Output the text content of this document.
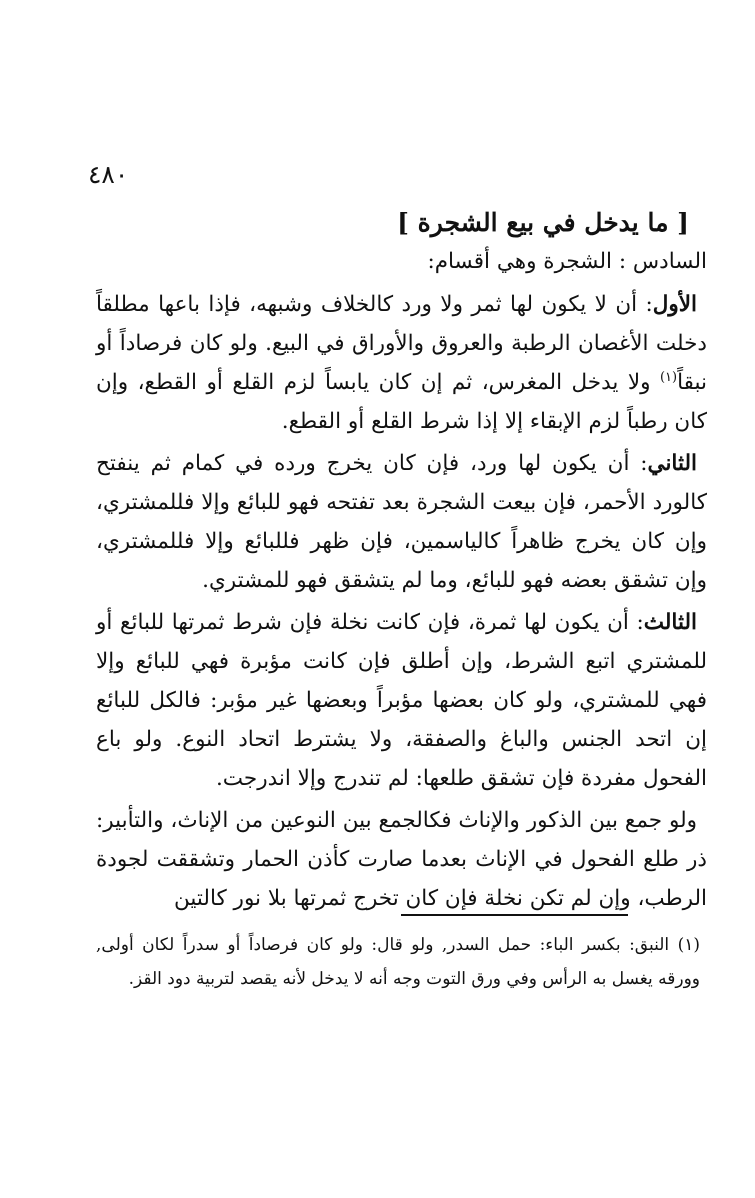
٤٨٠
[ ما يدخل في بيع الشجرة ]

السادس : الشجرة وهي أقسام:

الأول: أن لا يكون لها ثمر ولا ورد كالخلاف وشبهه، فإذا باعها مطلقاً دخلت الأغصان الرطبة والعروق والأوراق في البيع. ولو كان فرصاداً أو نبقاً$^{(١)}$ ولا يدخل المغرس، ثم إن كان يابساً لزم القلع أو القطع، وإن كان رطباً لزم الإبقاء إلا إذا شرط القلع أو القطع.

الثاني: أن يكون لها ورد، فإن كان يخرج ورده في كمام ثم ينفتح كالورد الأحمر، فإن بيعت الشجرة بعد تفتحه فهو للبائع وإلا فللمشتري، وإن كان يخرج ظاهراً كالياسمين، فإن ظهر فللبائع وإلا فللمشتري، وإن تشقق بعضه فهو للبائع، وما لم يتشقق فهو للمشتري.

الثالث: أن يكون لها ثمرة، فإن كانت نخلة فإن شرط ثمرتها للبائع أو للمشتري اتبع الشرط، وإن أطلق فإن كانت مؤبرة فهي للبائع وإلا فهي للمشتري، ولو كان بعضها مؤبراً وبعضها غير مؤبر: فالكل للبائع إن اتحد الجنس والباغ والصفقة، ولا يشترط اتحاد النوع. ولو باع الفحول مفردة فإن تشقق طلعها: لم تندرج وإلا اندرجت.

ولو جمع بين الذكور والإناث فكالجمع بين النوعين من الإناث، والتأبير: ذر طلع الفحول في الإناث بعدما صارت كأذن الحمار وتشققت لجودة الرطب، وإن لم تكن نخلة فإن كان تخرج ثمرتها بلا نور كالتين

(١) النبق: بكسر الباء: حمل السدر, ولو قال: ولو كان فرصاداً أو سدراً لكان أولى, وورقه يغسل به الرأس وفي ورق التوت وجه أنه لا يدخل لأنه يقصد لتربية دود القز.
